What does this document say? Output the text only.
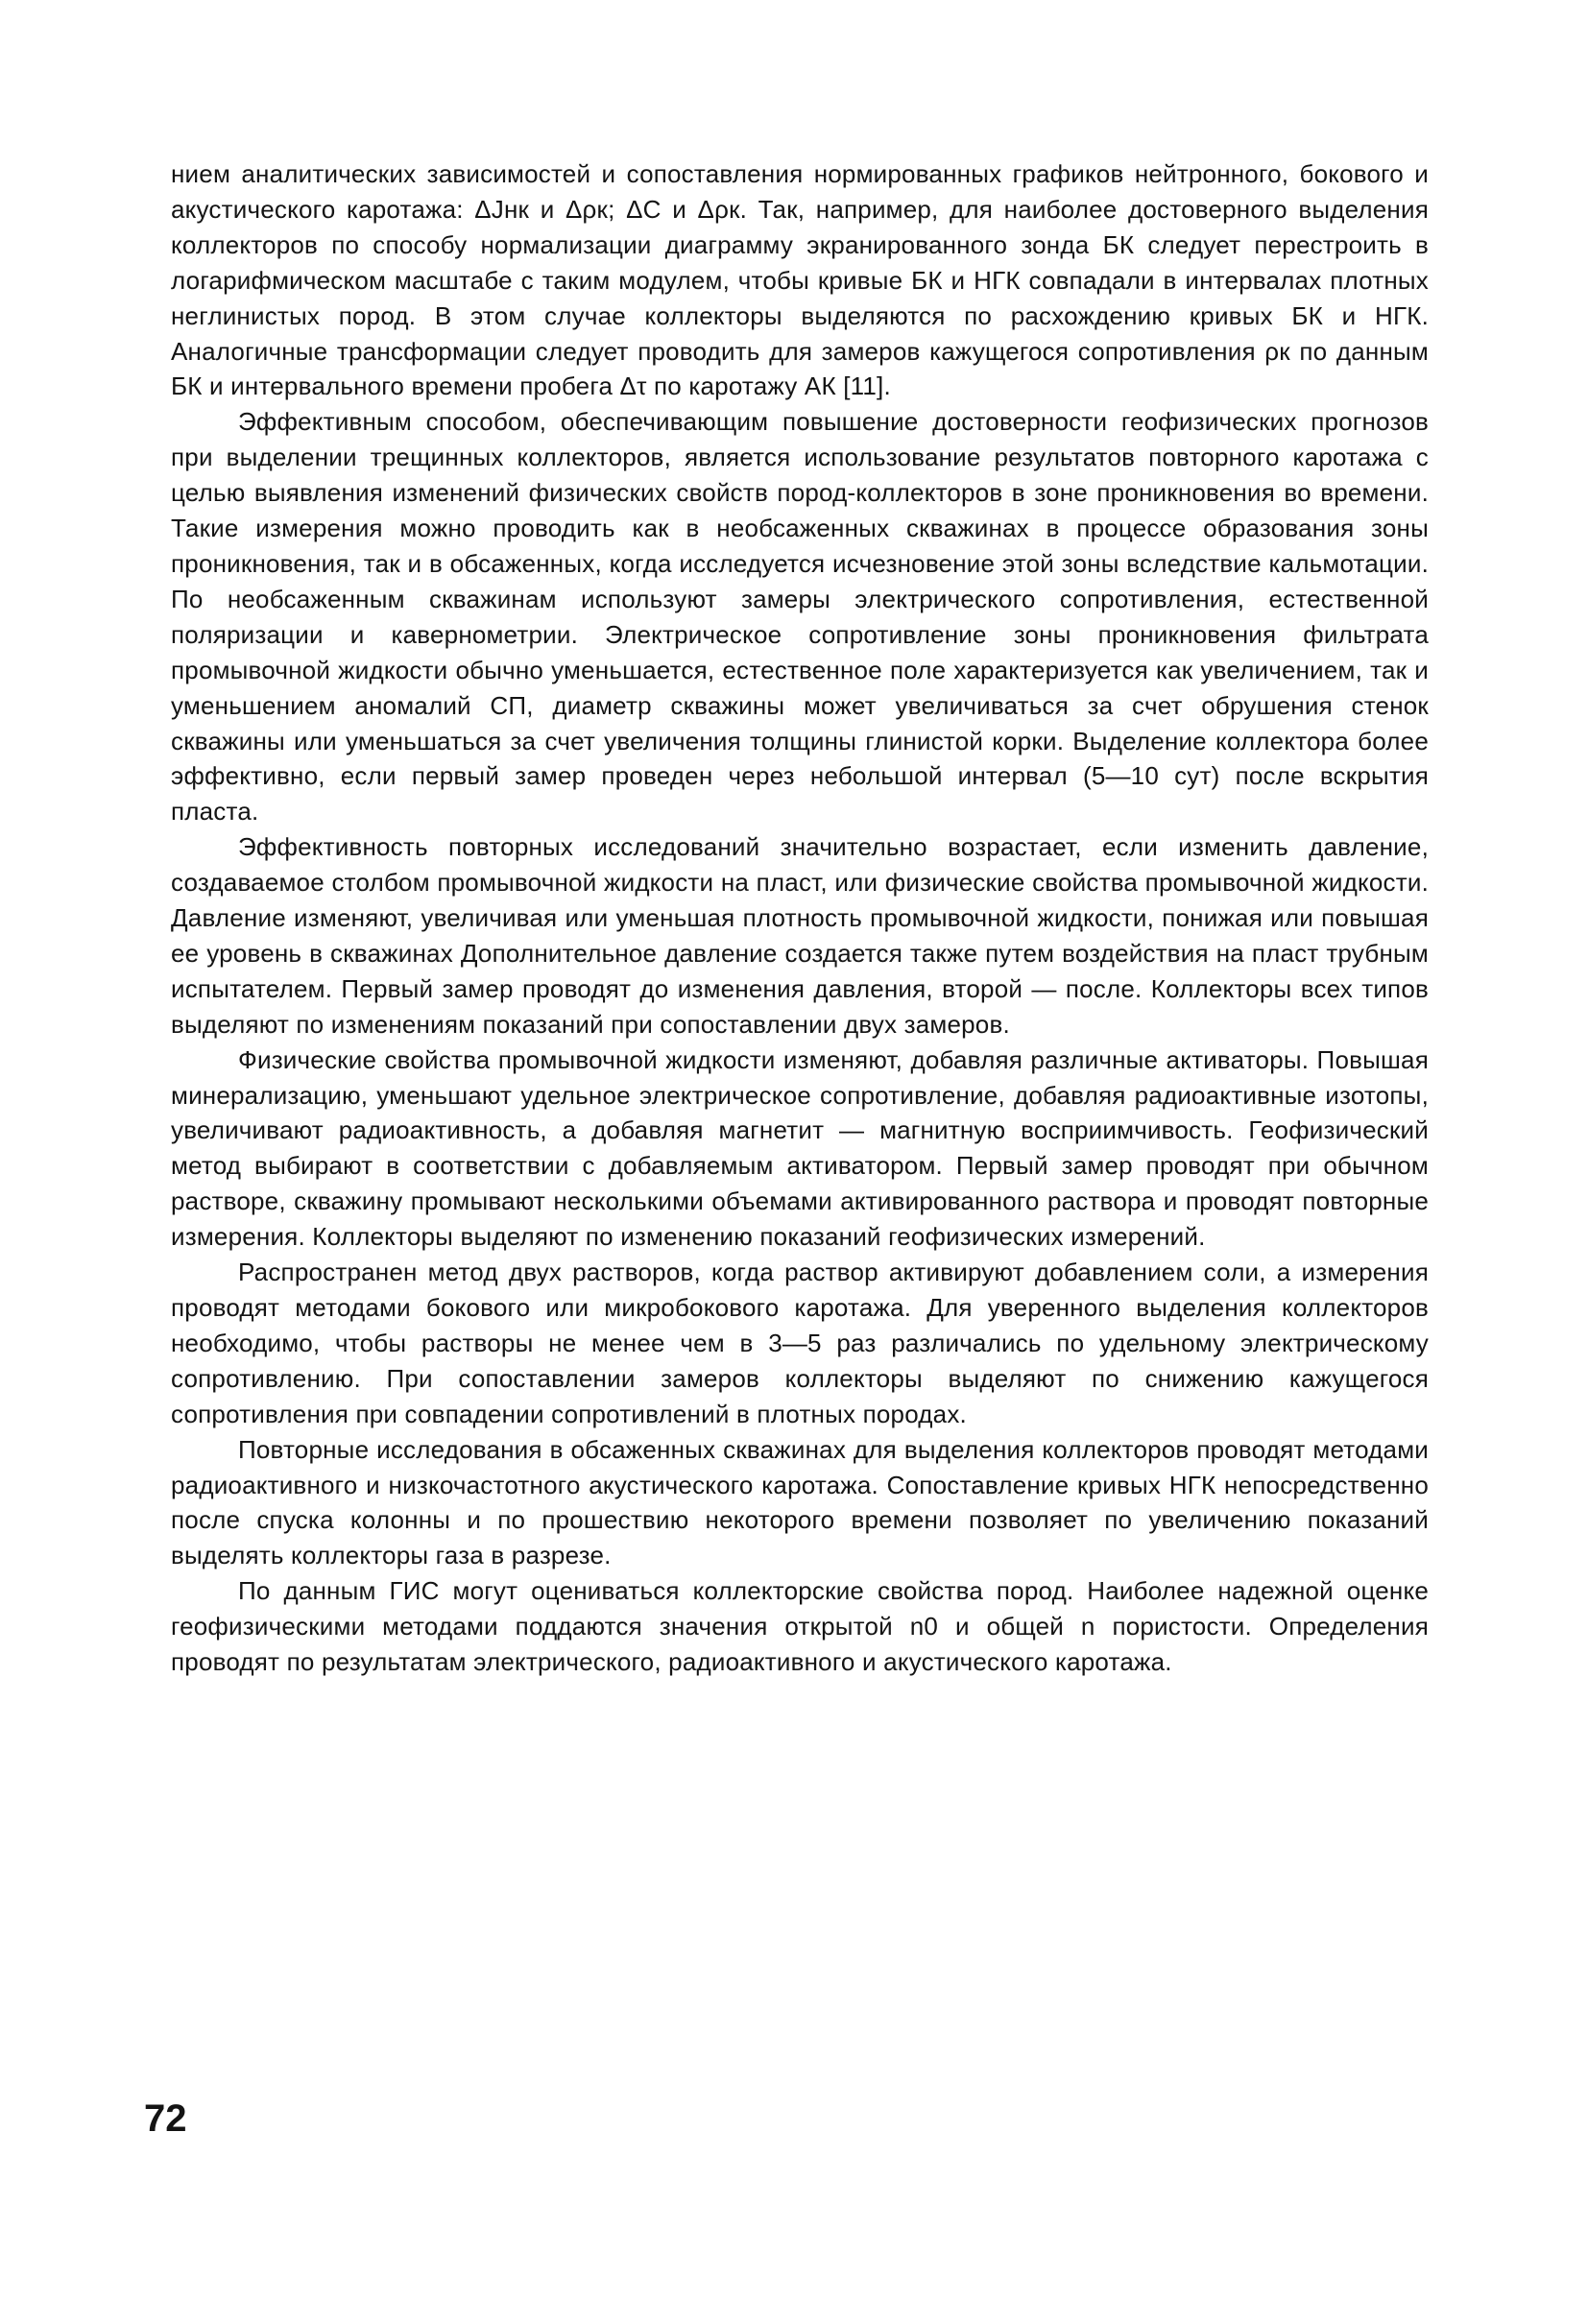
нием аналитических зависимостей и сопоставления нормированных графиков нейтронного, бокового и акустического каротажа: ΔJнк и Δρк; ΔC и Δρк. Так, например, для наиболее достоверного выделения коллекторов по способу нормализации диаграмму экранированного зонда БК следует перестроить в логарифмическом масштабе с таким модулем, чтобы кривые БК и НГК совпадали в интервалах плотных неглинистых пород. В этом случае коллекторы выделяются по расхождению кривых БК и НГК. Аналогичные трансформации следует проводить для замеров кажущегося сопротивления ρк по данным БК и интервального времени пробега Δτ по каротажу АК [11].

Эффективным способом, обеспечивающим повышение достоверности геофизических прогнозов при выделении трещинных коллекторов, является использование результатов повторного каротажа с целью выявления изменений физических свойств пород-коллекторов в зоне проникновения во времени. Такие измерения можно проводить как в необсаженных скважинах в процессе образования зоны проникновения, так и в обсаженных, когда исследуется исчезновение этой зоны вследствие кальмотации. По необсаженным скважинам используют замеры электрического сопротивления, естественной поляризации и кавернометрии. Электрическое сопротивление зоны проникновения фильтрата промывочной жидкости обычно уменьшается, естественное поле характеризуется как увеличением, так и уменьшением аномалий СП, диаметр скважины может увеличиваться за счет обрушения стенок скважины или уменьшаться за счет увеличения толщины глинистой корки. Выделение коллектора более эффективно, если первый замер проведен через небольшой интервал (5—10 сут) после вскрытия пласта.

Эффективность повторных исследований значительно возрастает, если изменить давление, создаваемое столбом промывочной жидкости на пласт, или физические свойства промывочной жидкости. Давление изменяют, увеличивая или уменьшая плотность промывочной жидкости, понижая или повышая ее уровень в скважинах Дополнительное давление создается также путем воздействия на пласт трубным испытателем. Первый замер проводят до изменения давления, второй — после. Коллекторы всех типов выделяют по изменениям показаний при сопоставлении двух замеров.

Физические свойства промывочной жидкости изменяют, добавляя различные активаторы. Повышая минерализацию, уменьшают удельное электрическое сопротивление, добавляя радиоактивные изотопы, увеличивают радиоактивность, а добавляя магнетит — магнитную восприимчивость. Геофизический метод выбирают в соответствии с добавляемым активатором. Первый замер проводят при обычном растворе, скважину промывают несколькими объемами активированного раствора и проводят повторные измерения. Коллекторы выделяют по изменению показаний геофизических измерений.

Распространен метод двух растворов, когда раствор активируют добавлением соли, а измерения проводят методами бокового или микробокового каротажа. Для уверенного выделения коллекторов необходимо, чтобы растворы не менее чем в 3—5 раз различались по удельному электрическому сопротивлению. При сопоставлении замеров коллекторы выделяют по снижению кажущегося сопротивления при совпадении сопротивлений в плотных породах.

Повторные исследования в обсаженных скважинах для выделения коллекторов проводят методами радиоактивного и низкочастотного акустического каротажа. Сопоставление кривых НГК непосредственно после спуска колонны и по прошествию некоторого времени позволяет по увеличению показаний выделять коллекторы газа в разрезе.

По данным ГИС могут оцениваться коллекторские свойства пород. Наиболее надежной оценке геофизическими методами поддаются значения открытой n0 и общей n пористости. Определения проводят по результатам электрического, радиоактивного и акустического каротажа.

72
